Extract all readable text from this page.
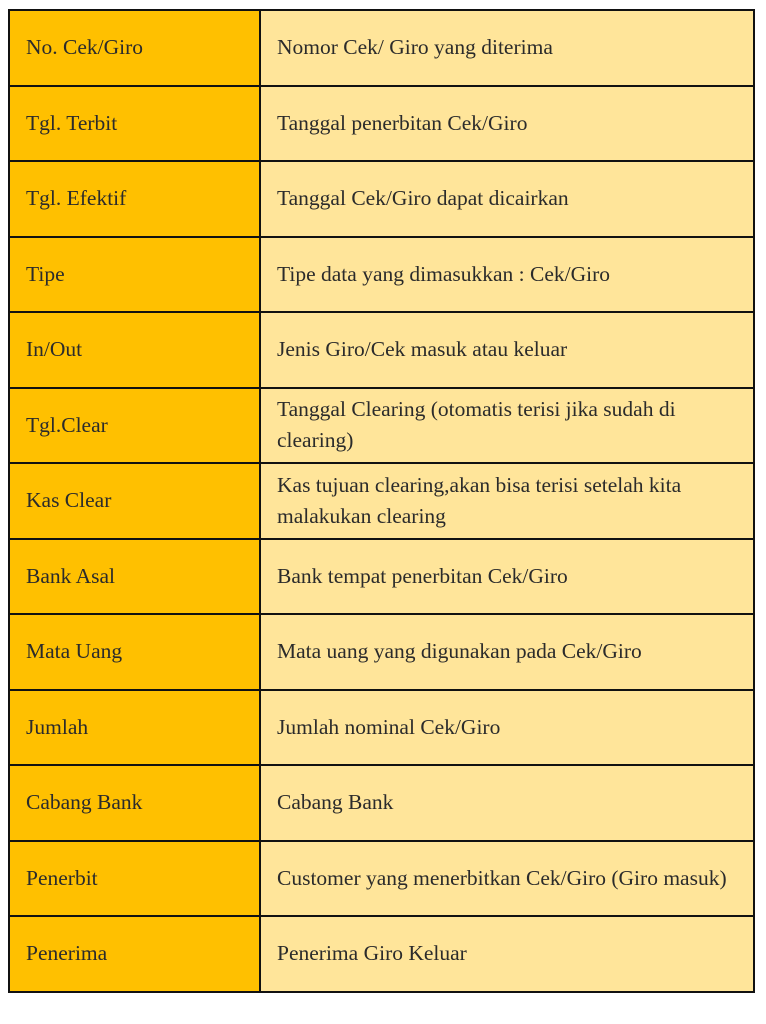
No. Cek/Giro	Nomor Cek/ Giro yang diterima
Tgl. Terbit	Tanggal penerbitan Cek/Giro
Tgl. Efektif	Tanggal Cek/Giro dapat dicairkan
Tipe	Tipe data yang dimasukkan : Cek/Giro
In/Out	Jenis Giro/Cek masuk atau keluar
Tgl.Clear	Tanggal Clearing (otomatis terisi jika sudah di clearing)
Kas Clear	Kas tujuan clearing,akan bisa terisi setelah kita malakukan clearing
Bank Asal	Bank tempat penerbitan Cek/Giro
Mata Uang	Mata uang yang digunakan pada Cek/Giro
Jumlah	Jumlah nominal Cek/Giro
Cabang Bank	Cabang Bank
Penerbit	Customer yang menerbitkan Cek/Giro (Giro masuk)
Penerima	Penerima Giro Keluar
